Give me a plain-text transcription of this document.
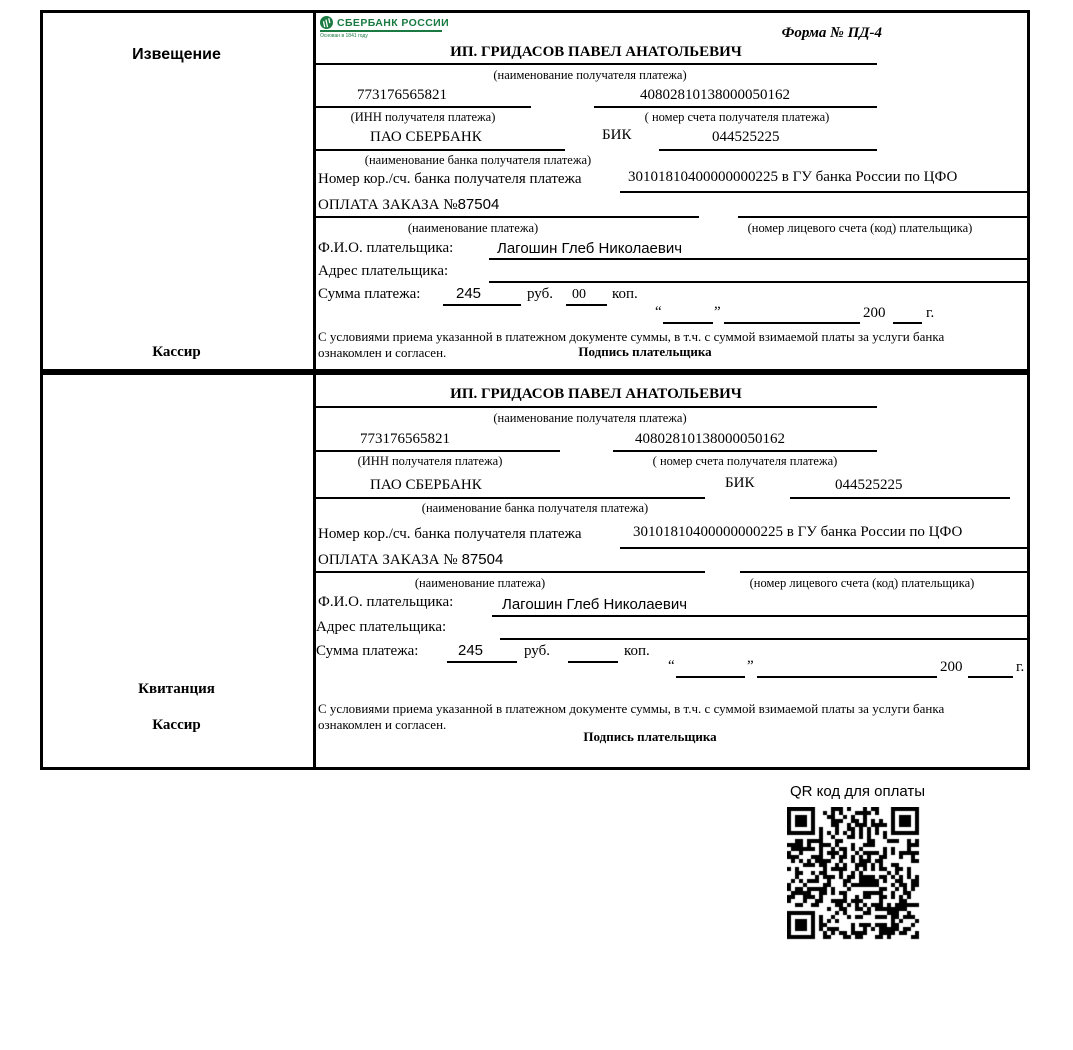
Извещение
Кассир
СБЕРБАНК РОССИИ
Основан в 1841 году	Форма № ПД-4
ИП. ГРИДАСОВ ПАВЕЛ АНАТОЛЬЕВИЧ
(наименование получателя платежа)
773176565821	40802810138000050162
(ИНН получателя платежа)	( номер счета получателя платежа)
ПАО СБЕРБАНК	БИК	044525225
(наименование банка получателя платежа)
Номер кор./сч. банка получателя платежа	30101810400000000225 в ГУ банка России по ЦФО
ОПЛАТА ЗАКАЗА №87504
(наименование платежа)	(номер лицевого счета (код) плательщика)
Ф.И.О. плательщика:	Лагошин Глеб Николаевич
Адрес плательщика:
Сумма платежа: 245	руб. 00 коп.
“	”	200	г.
С условиями приема указанной в платежном документе суммы, в т.ч. с суммой взимаемой платы за услуги банка
ознакомлен и согласен.	Подпись плательщика
Квитанция
Кассир
ИП. ГРИДАСОВ ПАВЕЛ АНАТОЛЬЕВИЧ
(наименование получателя платежа)
773176565821	40802810138000050162
(ИНН получателя платежа)	( номер счета получателя платежа)
ПАО СБЕРБАНК	БИК	044525225
(наименование банка получателя платежа)
Номер кор./сч. банка получателя платежа	30101810400000000225 в ГУ банка России по ЦФО
ОПЛАТА ЗАКАЗА № 87504
(наименование платежа)	(номер лицевого счета (код) плательщика)
Ф.И.О. плательщика:	Лагошин Глеб Николаевич
Адрес плательщика:
Сумма платежа:	245	руб.	коп.
“	”	200	г.
С условиями приема указанной в платежном документе суммы, в т.ч. с суммой взимаемой платы за услуги банка
ознакомлен и согласен.
Подпись плательщика
QR код для оплаты
